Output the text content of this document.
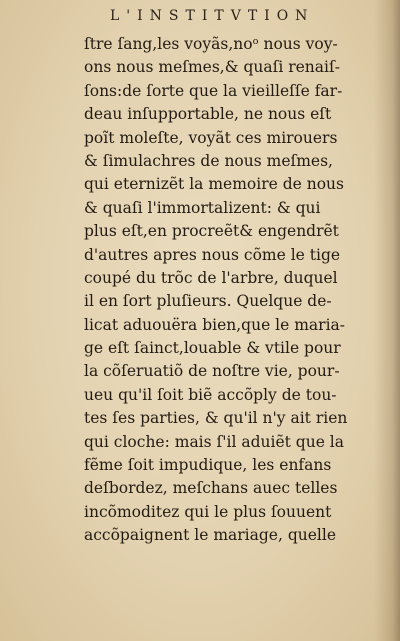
L'INSTITVTION
ſtre ſang,les voyãs,noᵒ nous voy-
ons nous meſmes,& quaſi renaiſ-
ſons:de ſorte que la vieilleſſe far-
deau inſupportable, ne nous eſt
poĩt moleſte, voyãt ces mirouers
& ſimulachres de nous meſmes,
qui eternizẽt la memoire de nous
& quaſi l'immortalizent: & qui
plus eſt,en procreẽt& engendrẽt
d'autres apres nous cõme le tige
coupé du trõc de l'arbre, duquel
il en ſort pluſieurs. Quelque de-
licat aduouëra bien,que le maria-
ge eſt ſainct,louable & vtile pour
la cõſeruatiõ de noſtre vie, pour-
ueu qu'il ſoit biẽ accõply de tou-
tes ſes parties, & qu'il n'y ait rien
qui cloche: mais ſ'il aduiẽt que la
fẽme ſoit impudique, les enfans
deſbordez, meſchans auec telles
incõmoditez qui le plus ſouuent
accõpaignent le mariage, quelle
